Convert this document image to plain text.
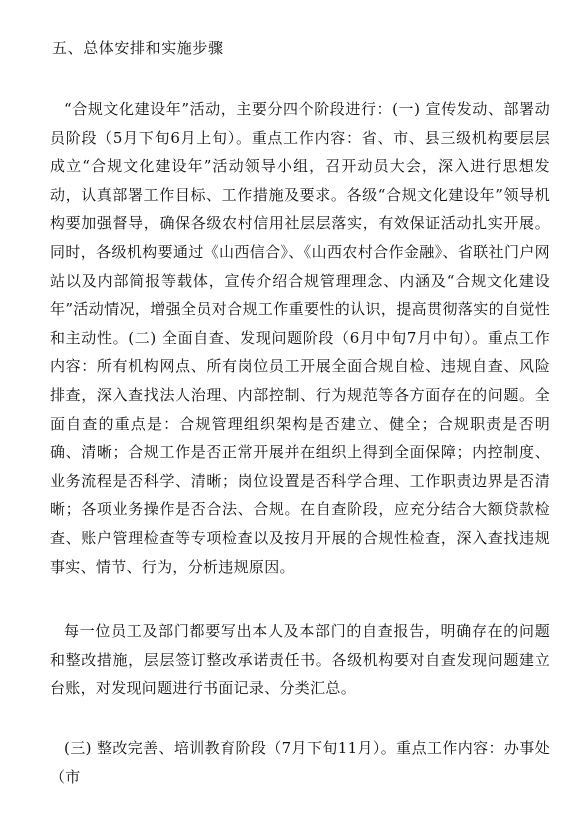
五、总体安排和实施步骤

“合规文化建设年”活动，主要分四个阶段进行：(一) 宣传发动、部署动员阶段（5月下旬6月上旬）。重点工作内容：省、市、县三级机构要层层成立“合规文化建设年”活动领导小组，召开动员大会，深入进行思想发动，认真部署工作目标、工作措施及要求。各级“合规文化建设年”领导机构要加强督导，确保各级农村信用社层层落实，有效保证活动扎实开展。同时，各级机构要通过《山西信合》、《山西农村合作金融》、省联社门户网站以及内部简报等载体，宣传介绍合规管理理念、内涵及“合规文化建设年”活动情况，增强全员对合规工作重要性的认识，提高贯彻落实的自觉性和主动性。(二) 全面自查、发现问题阶段（6月中旬7月中旬）。重点工作内容：所有机构网点、所有岗位员工开展全面合规自检、违规自查、风险排查，深入查找法人治理、内部控制、行为规范等各方面存在的问题。全面自查的重点是：合规管理组织架构是否建立、健全；合规职责是否明确、清晰；合规工作是否正常开展并在组织上得到全面保障；内控制度、业务流程是否科学、清晰；岗位设置是否科学合理、工作职责边界是否清晰；各项业务操作是否合法、合规。在自查阶段，应充分结合大额贷款检查、账户管理检查等专项检查以及按月开展的合规性检查，深入查找违规事实、情节、行为，分析违规原因。

每一位员工及部门都要写出本人及本部门的自查报告，明确存在的问题和整改措施，层层签订整改承诺责任书。各级机构要对自查发现问题建立台账，对发现问题进行书面记录、分类汇总。

(三) 整改完善、培训教育阶段（7月下旬11月）。重点工作内容：办事处（市
